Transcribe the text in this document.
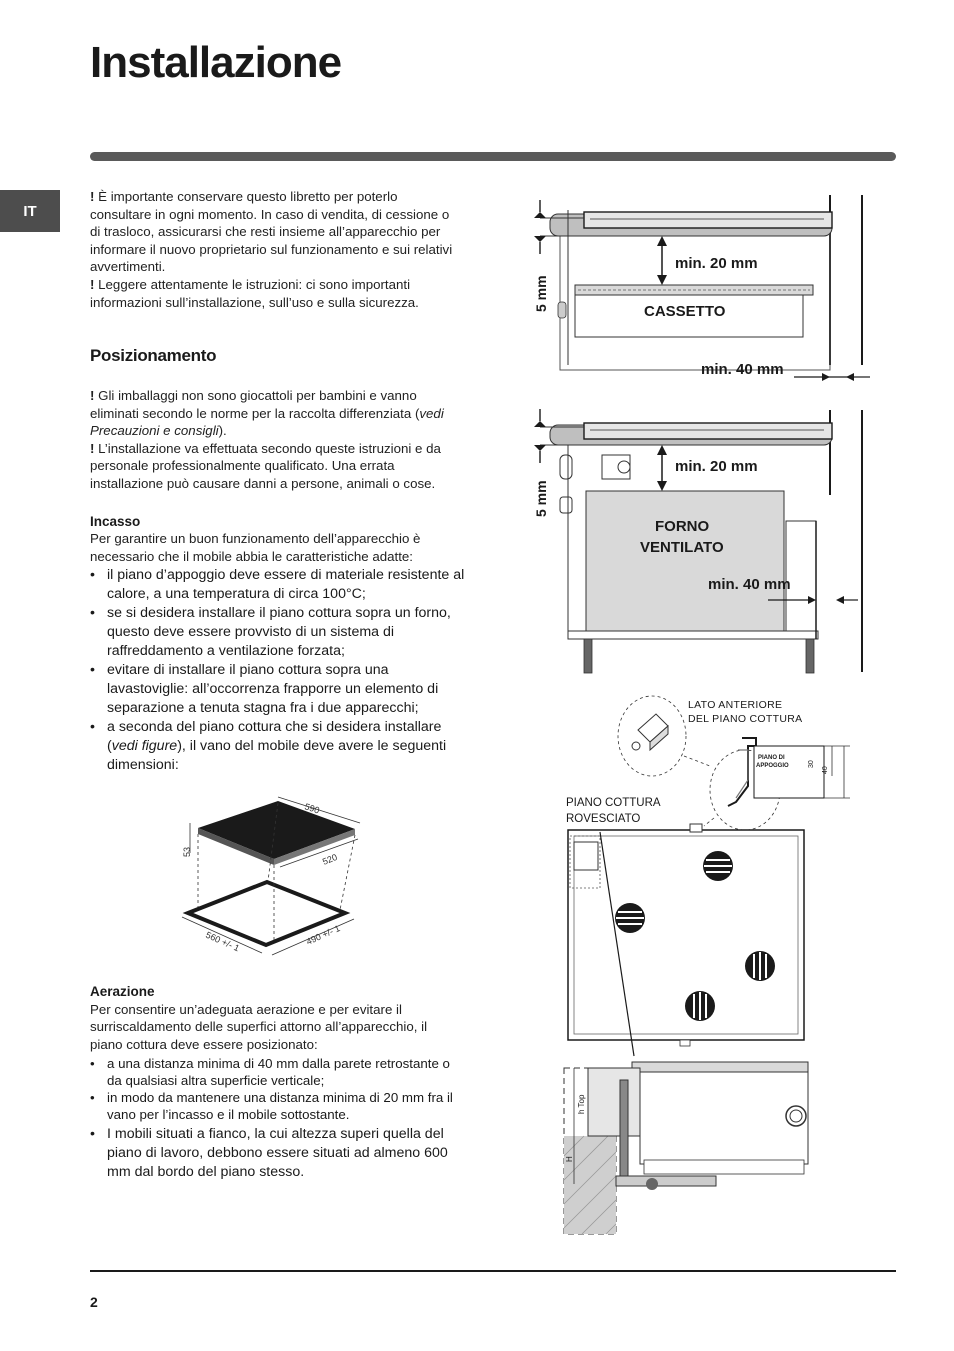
Installazione
IT
! È importante conservare questo libretto per poterlo consultare in ogni momento. In caso di vendita, di cessione o di trasloco, assicurarsi che resti insieme all’apparecchio per informare il nuovo proprietario sul funzionamento e sui relativi avvertimenti.
! Leggere attentamente le istruzioni: ci sono importanti informazioni sull’installazione, sull’uso e sulla sicurezza.
Posizionamento
! Gli imballaggi non sono giocattoli per bambini e vanno eliminati secondo le norme per la raccolta differenziata (vedi Precauzioni e consigli).
! L’installazione va effettuata secondo queste istruzioni e da personale professionalmente qualificato. Una errata installazione può causare danni a persone, animali o cose.
Incasso
Per garantire un buon funzionamento dell’apparecchio è necessario che il mobile abbia le caratteristiche adatte:
• il piano d’appoggio deve essere di materiale resistente al calore, a una temperatura di circa 100°C;
• se si desidera installare il piano cottura sopra un forno, questo deve essere provvisto di un sistema di raffreddamento a ventilazione forzata;
• evitare di installare il piano cottura sopra una lavastoviglie: all’occorrenza frapporre un elemento di separazione a tenuta stagna fra i due apparecchi;
• a seconda del piano cottura che si desidera installare (vedi figure), il vano del mobile deve avere le seguenti dimensioni:
590
53	520
560 +/- 1	490 +/- 1
Aerazione
Per consentire un’adeguata aerazione e per evitare il surriscaldamento delle superfici attorno all’apparecchio, il piano cottura deve essere posizionato:
• a una distanza minima di 40 mm dalla parete retrostante o da qualsiasi altra superficie verticale;
• in modo da mantenere una distanza minima di 20 mm fra il vano per l’incasso e il mobile sottostante.
• I mobili situati a fianco, la cui altezza superi quella del piano di lavoro, debbono essere situati ad almeno 600 mm dal bordo del piano stesso.
min. 20 mm
CASSETTO
5 mm
min. 40 mm
min. 20 mm
FORNO
VENTILATO
5 mm
min. 40 mm
LATO ANTERIORE
DEL PIANO COTTURA
PIANO DI
APPOGGIO	30
40
PIANO COTTURA
ROVESCIATO
h Top
H
2
